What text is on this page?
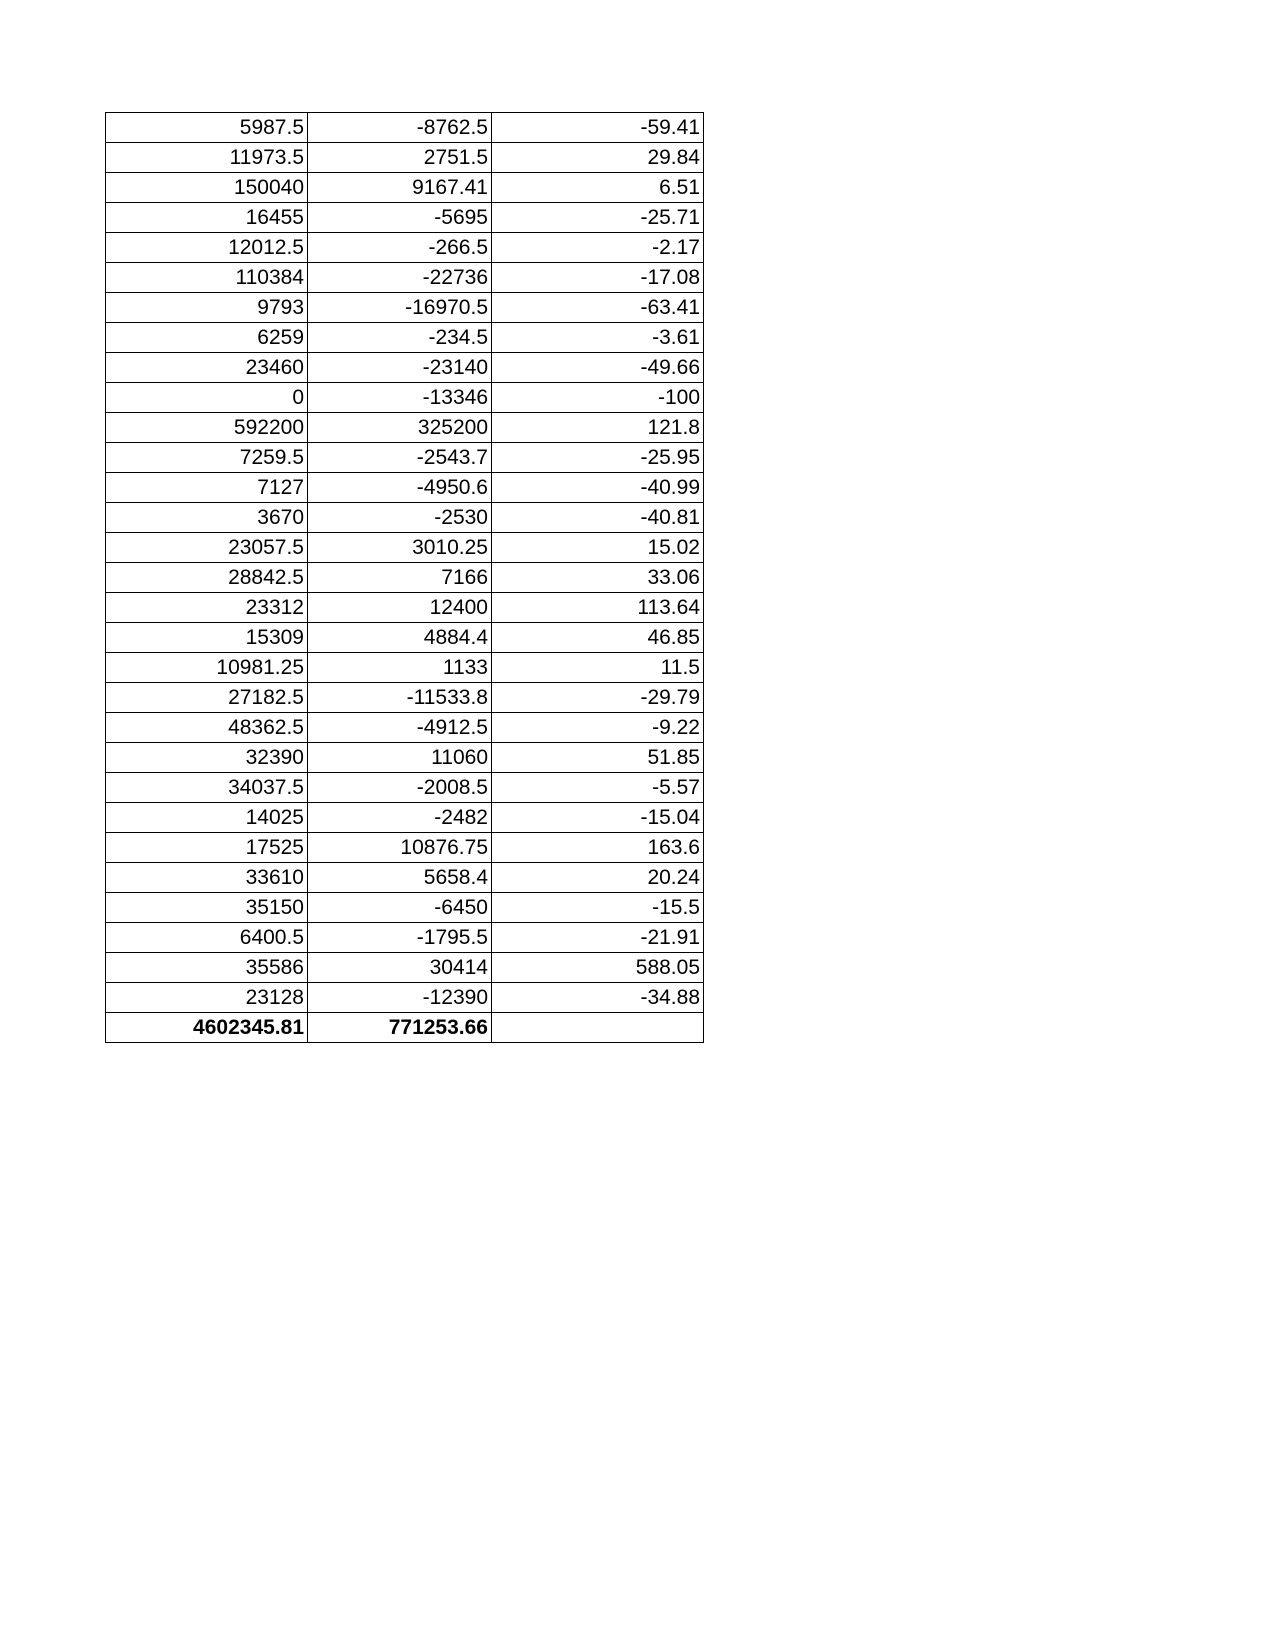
5987.5	-8762.5	-59.41
11973.5	2751.5	29.84
150040	9167.41	6.51
16455	-5695	-25.71
12012.5	-266.5	-2.17
110384	-22736	-17.08
9793	-16970.5	-63.41
6259	-234.5	-3.61
23460	-23140	-49.66
0	-13346	-100
592200	325200	121.8
7259.5	-2543.7	-25.95
7127	-4950.6	-40.99
3670	-2530	-40.81
23057.5	3010.25	15.02
28842.5	7166	33.06
23312	12400	113.64
15309	4884.4	46.85
10981.25	1133	11.5
27182.5	-11533.8	-29.79
48362.5	-4912.5	-9.22
32390	11060	51.85
34037.5	-2008.5	-5.57
14025	-2482	-15.04
17525	10876.75	163.6
33610	5658.4	20.24
35150	-6450	-15.5
6400.5	-1795.5	-21.91
35586	30414	588.05
23128	-12390	-34.88
4602345.81	771253.66	
